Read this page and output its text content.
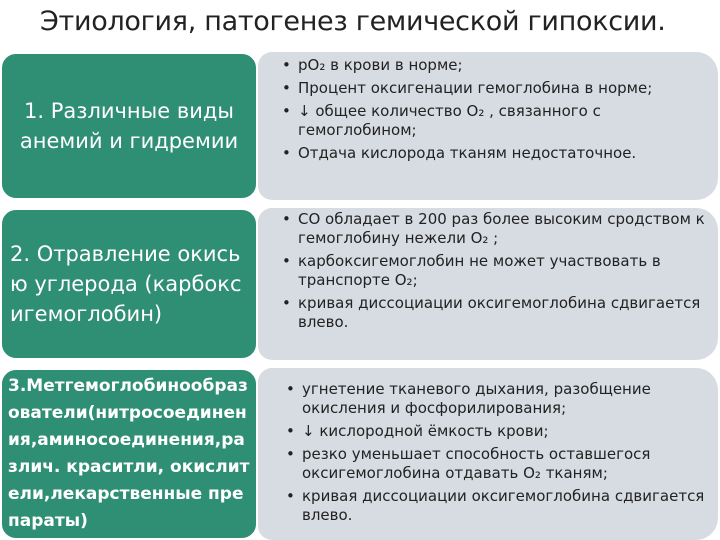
1. Различные виды анемий и гидремии
• рО₂ в крови в норме;
• Процент оксигенации гемоглобина в норме;
• ↓ общее количество О₂ , связанного с гемоглобином;
• Отдача кислорода тканям недостаточное.
2. Отравление окисью углерода (карбоксигемоглобин)
• СО обладает в 200 раз более высоким сродством к гемоглобину нежели О₂ ;
• карбоксигемоглобин не может участвовать в транспорте О₂;
• кривая диссоциации оксигемоглобина сдвигается влево.
3.Метгемоглобинообразователи(нитросоединения,аминосоединения,различ. краситли, окислители,лекарственные препараты)
• угнетение тканевого дыхания, разобщение окисления и фосфорилирования;
• ↓ кислородной ёмкость крови;
• резко уменьшает способность оставшегося оксигемоглобина отдавать О₂ тканям;
• кривая диссоциации оксигемоглобина сдвигается влево.
Этиология, патогенез гемической гипоксии.
